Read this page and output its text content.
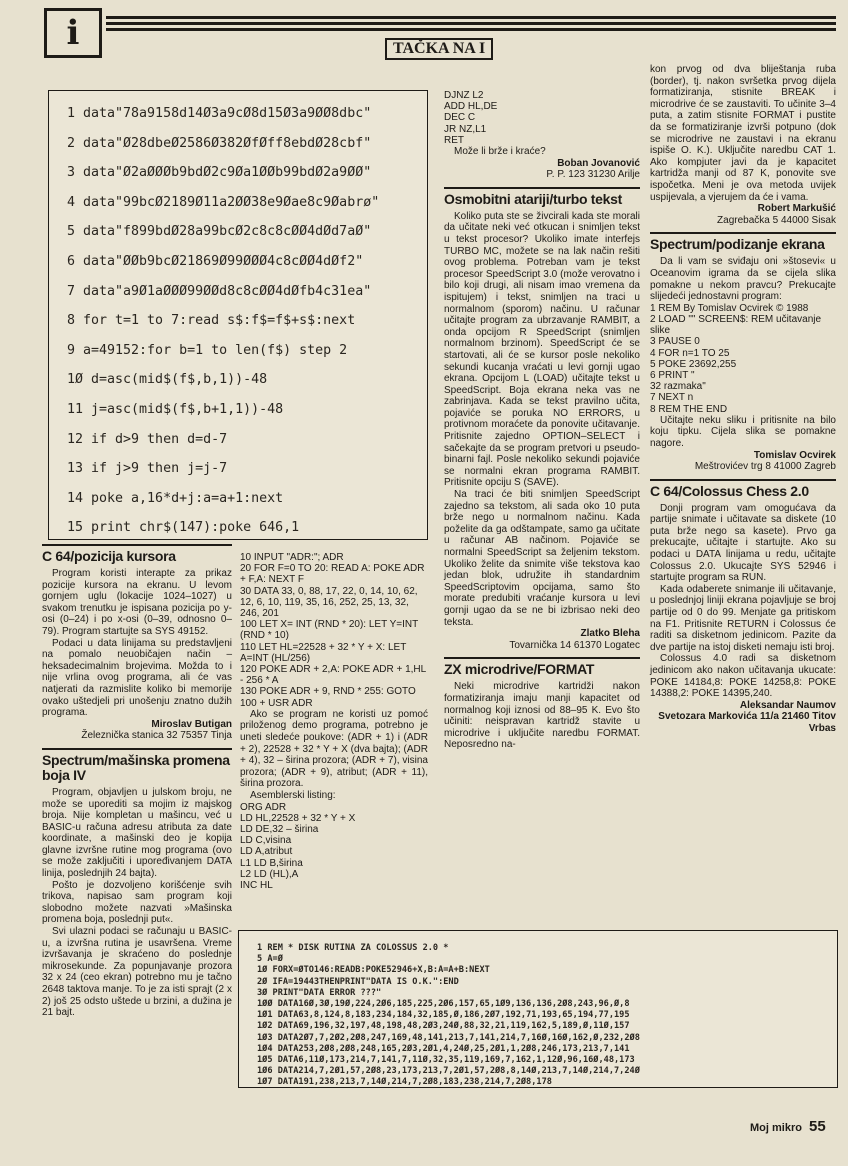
i	TAČKA NA I
1 data"78a9158d14Ø3a9cØ8d15Ø3a9ØØ8dbc"
2 data"Ø28dbeØ2586Ø382ØfØff8ebdØ28cbf"
3 data"Ø2aØØØb9bdØ2c9Øa1ØØb99bdØ2a9ØØ"
4 data"99bcØ2189Ø11a2ØØ38e9Øae8c9Øabrø"
5 data"f899bdØ28a99bcØ2c8c8cØØ4dØd7aØ"
6 data"ØØb9bcØ21869Ø99ØØØ4c8cØØ4dØf2"
7 data"a9Ø1aØØØ99ØØd8c8cØØ4dØfb4c31ea"
8 for t=1 to 7:read s$:f$=f$+s$:next
9 a=49152:for b=1 to len(f$) step 2
1Ø d=asc(mid$(f$,b,1))-48
11 j=asc(mid$(f$,b+1,1))-48
12 if d>9 then d=d-7
13 if j>9 then j=j-7
14 poke a,16*d+j:a=a+1:next
15 print chr$(147):poke 646,1
C 64/pozicija kursora

Program koristi interapte za prikaz pozicije kursora na ekranu. U levom gornjem uglu (lokacije 1024–1027) u svakom trenutku je ispisana pozicija po y-osi (0–24) i po x-osi (0–39, odnosno 0–79). Program startujte sa SYS 49152.

Podaci u data linijama su predstavljeni na pomalo neuobičajen način – heksadecimalnim brojevima. Možda to i nije vrlina ovog programa, ali će vas natjerati da razmislite koliko bi memorije ovako uštedjeli pri unošenju znatno dužih programa.

Miroslav Butigan
Železnička stanica 32 75357 Tinja
Spectrum/mašinska promena boja IV

Program, objavljen u julskom broju, ne može se uporediti sa mojim iz majskog broja. Nije kompletan u mašincu, već u BASIC-u računa adresu atributa za date koordinate, a mašinski deo je kopija glavne izvršne rutine mog programa (ovo se može zaključiti i upoređivanjem DATA linija, poslednjih 24 bajta).

Pošto je dozvoljeno korišćenje svih trikova, napisao sam program koji slobodno možete nazvati »Mašinska promena boja, poslednji put«.

Svi ulazni podaci se računaju u BASIC-u, a izvršna rutina je usavršena. Vreme izvršavanja je skraćeno do poslednje mikrosekunde. Za popunjavanje prozora 32 x 24 (ceo ekran) potrebno mu je tačno 2648 taktova manje. To je za isti sprajt (2 x 2) još 25 odsto uštede u brzini, a dužina je 21 bajt.

10 INPUT "ADR:"; ADR
20 FOR F=0 TO 20: READ A: POKE ADR + F,A: NEXT F
30 DATA 33, 0, 88, 17, 22, 0, 14, 10, 62, 12, 6, 10, 119, 35, 16, 252, 25, 13, 32, 246, 201
100 LET X= INT (RND * 20): LET Y=INT (RND * 10)
110 LET HL=22528 + 32 * Y + X: LET A=INT (HL/256)
120 POKE ADR + 2,A: POKE ADR + 1,HL - 256 * A
130 POKE ADR + 9, RND * 255: GOTO 100 + USR ADR

Ako se program ne koristi uz pomoć priloženog demo programa, potrebno je uneti sledeće poukove: (ADR + 1) i (ADR + 2), 22528 + 32 * Y + X (dva bajta); (ADR + 4), 32 – širina prozora; (ADR + 7), visina prozora; (ADR + 9), atribut; (ADR + 11), širina prozora.

Asemblerski listing:

ORG ADR
LD HL,22528 + 32 * Y + X
LD DE,32 – širina
LD C,visina
LD A,atribut
L1 LD B,širina
L2 LD (HL),A
INC HL

DJNZ L2
ADD HL,DE
DEC C
JR NZ,L1
RET

Može li brže i kraće?

Boban Jovanović
P. P. 123 31230 Arilje
Osmobitni atariji/turbo tekst

Koliko puta ste se živcirali kada ste morali da učitate neki već otkucan i snimljen tekst u tekst procesor? Ukoliko imate interfejs TURBO MC, možete se na lak način rešiti ovog problema. Potreban vam je tekst procesor SpeedScript 3.0 (može verovatno i bilo koji drugi, ali nisam imao vremena da ispitujem) i tekst, snimljen na traci u normalnom (sporom) načinu. U računar učitajte program za ubrzavanje RAMBIT, a onda opcijom R SpeedScript (snimljen normalnom brzinom). SpeedScript će se startovati, ali će se kursor posle nekoliko sekundi kucanja vraćati u levi gornji ugao ekrana. Opcijom L (LOAD) učitajte tekst u SpeedScript. Boja ekrana neka vas ne zabrinjava. Kada se tekst pravilno učita, pojaviće se poruka NO ERRORS, u protivnom moraćete da ponovite učitavanje. Pritisnite zajedno OPTION–SELECT i sačekajte da se program pretvori u pseudo-binarni fajl. Posle nekoliko sekundi pojaviće se normalni ekran programa RAMBIT. Pritisnite opciju S (SAVE).

Na traci će biti snimljen SpeedScript zajedno sa tekstom, ali sada oko 10 puta brže nego u normalnom načinu. Kada poželite da ga odštampate, samo ga učitate u računar AB načinom. Pojaviće se normalni SpeedScript sa željenim tekstom. Ukoliko želite da snimite više tekstova kao jedan blok, udružite ih standardnim SpeedScriptovim opcijama, samo što morate predubiti vraćanje kursora u levi gornji ugao da se ne bi izbrisao neki deo teksta.

Zlatko Bleha
Tovarnička 14 61370 Logatec
ZX microdrive/FORMAT

Neki microdrive kartridži nakon formatiziranja imaju manji kapacitet od normalnog koji iznosi od 88–95 K. Evo što učiniti: neispravan kartridž stavite u microdrive i uključite naredbu FORMAT. Neposredno na-

kon prvog od dva bliještanja ruba (border), tj. nakon svršetka prvog dijela formatiziranja, stisnite BREAK i microdrive će se zaustaviti. To učinite 3–4 puta, a zatim stisnite FORMAT i pustite da se formatiziranje izvrši potpuno (dok se microdrive ne zaustavi i na ekranu ispiše O. K.). Uključite naredbu CAT 1. Ako kompjuter javi da je kapacitet kartridža manji od 87 K, ponovite sve ispočetka. Meni je ova metoda uvijek uspijevala, a vjerujem da će i vama.

Robert Markušić
Zagrebačka 5 44000 Sisak
Spectrum/podizanje ekrana

Da li vam se sviđaju oni »štosevi« u Oceanovim igrama da se cijela slika pomakne u nekom pravcu? Prekucajte slijedeći jednostavni program:

1 REM By Tomislav Ocvirek © 1988
2 LOAD "" SCREEN$: REM učitavanje slike
3 PAUSE 0
4 FOR n=1 TO 25
5 POKE 23692,255
6 PRINT "
32 razmaka"
7 NEXT n
8 REM THE END

Učitajte neku sliku i pritisnite na bilo koju tipku. Cijela slika se pomakne nagore.

Tomislav Ocvirek
Meštrovićev trg 8 41000 Zagreb
C 64/Colossus Chess 2.0

Donji program vam omogućava da partije snimate i učitavate sa diskete (10 puta brže nego sa kasete). Prvo ga prekucajte, učitajte i startujte. Ako su podaci u DATA linijama u redu, učitajte Colossus 2.0. Ukucajte SYS 52946 i startujte program sa RUN.

Kada odaberete snimanje ili učitavanje, u poslednjoj liniji ekrana pojavljuje se broj partije od 0 do 99. Menjate ga pritiskom na F1. Pritisnite RETURN i Colossus će raditi sa disketnom jedinicom. Pazite da dve partije na istoj disketi nemaju isti broj.

Colossus 4.0 radi sa disketnom jedinicom ako nakon učitavanja ukucate: POKE 14184,8: POKE 14258,8: POKE 14388,2: POKE 14395,240.

Aleksandar Naumov
Svetozara Markovića 11/a 21460 Titov Vrbas
1 REM * DISK RUTINA ZA COLOSSUS 2.0 *
5 A=Ø
1Ø FORX=ØTO146:READB:POKE52946+X,B:A=A+B:NEXT
2Ø IFA=19443THENPRINT"DATA IS O.K.":END
3Ø PRINT"DATA ERROR ???"
1ØØ DATA16Ø,3Ø,19Ø,224,2Ø6,185,225,2Ø6,157,65,1Ø9,136,136,2Ø8,243,96,Ø,8
1Ø1 DATA63,8,124,8,183,234,184,32,185,Ø,186,2Ø7,192,71,193,65,194,77,195
1Ø2 DATA69,196,32,197,48,198,48,2Ø3,24Ø,88,32,21,119,162,5,189,Ø,11Ø,157
1Ø3 DATA2Ø7,7,2Ø2,2Ø8,247,169,48,141,213,7,141,214,7,16Ø,16Ø,162,Ø,232,2Ø8
1Ø4 DATA253,2Ø8,2Ø8,248,165,2Ø3,2Ø1,4,24Ø,25,2Ø1,1,2Ø8,246,173,213,7,141
1Ø5 DATA6,11Ø,173,214,7,141,7,11Ø,32,35,119,169,7,162,1,12Ø,96,16Ø,48,173
1Ø6 DATA214,7,2Ø1,57,2Ø8,23,173,213,7,2Ø1,57,2Ø8,8,14Ø,213,7,14Ø,214,7,24Ø
1Ø7 DATA191,238,213,7,14Ø,214,7,2Ø8,183,238,214,7,2Ø8,178
Moj mikro 55
